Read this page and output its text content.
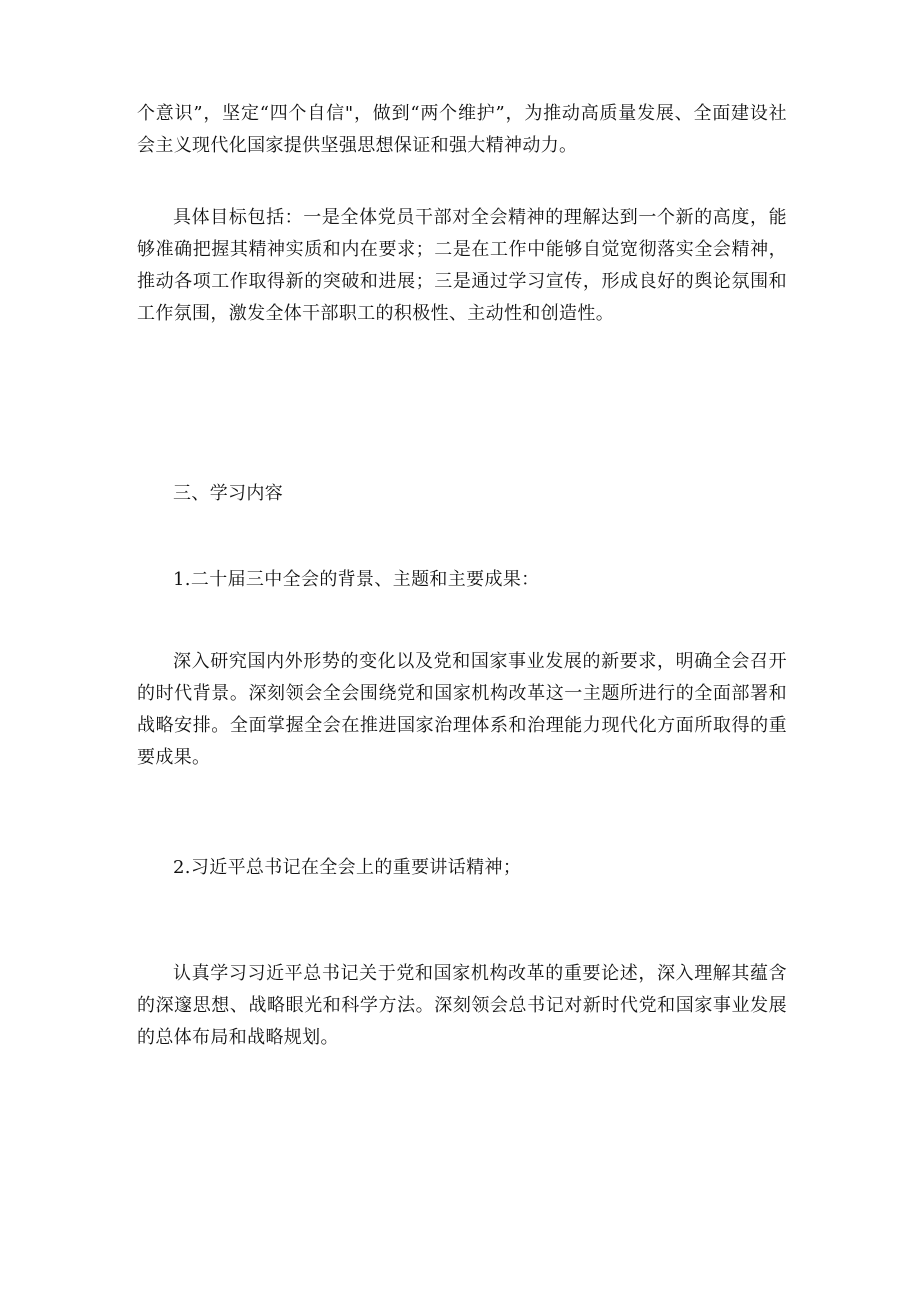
个意识”，坚定“四个自信"，做到“两个维护”，为推动高质量发展、全面建设社会主义现代化国家提供坚强思想保证和强大精神动力。

具体目标包括：一是全体党员干部对全会精神的理解达到一个新的高度，能够准确把握其精神实质和内在要求；二是在工作中能够自觉宽彻落实全会精神，推动各项工作取得新的突破和进展；三是通过学习宣传，形成良好的舆论氛围和工作氛围，激发全体干部职工的积极性、主动性和创造性。

三、学习内容

1.二十届三中全会的背景、主题和主要成果：

深入研究国内外形势的变化以及党和国家事业发展的新要求，明确全会召开的时代背景。深刻领会全会围绕党和国家机构改革这一主题所进行的全面部署和战略安排。全面掌握全会在推进国家治理体系和治理能力现代化方面所取得的重要成果。

2.习近平总书记在全会上的重要讲话精神；

认真学习习近平总书记关于党和国家机构改革的重要论述，深入理解其蕴含的深邃思想、战略眼光和科学方法。深刻领会总书记对新时代党和国家事业发展的总体布局和战略规划。
